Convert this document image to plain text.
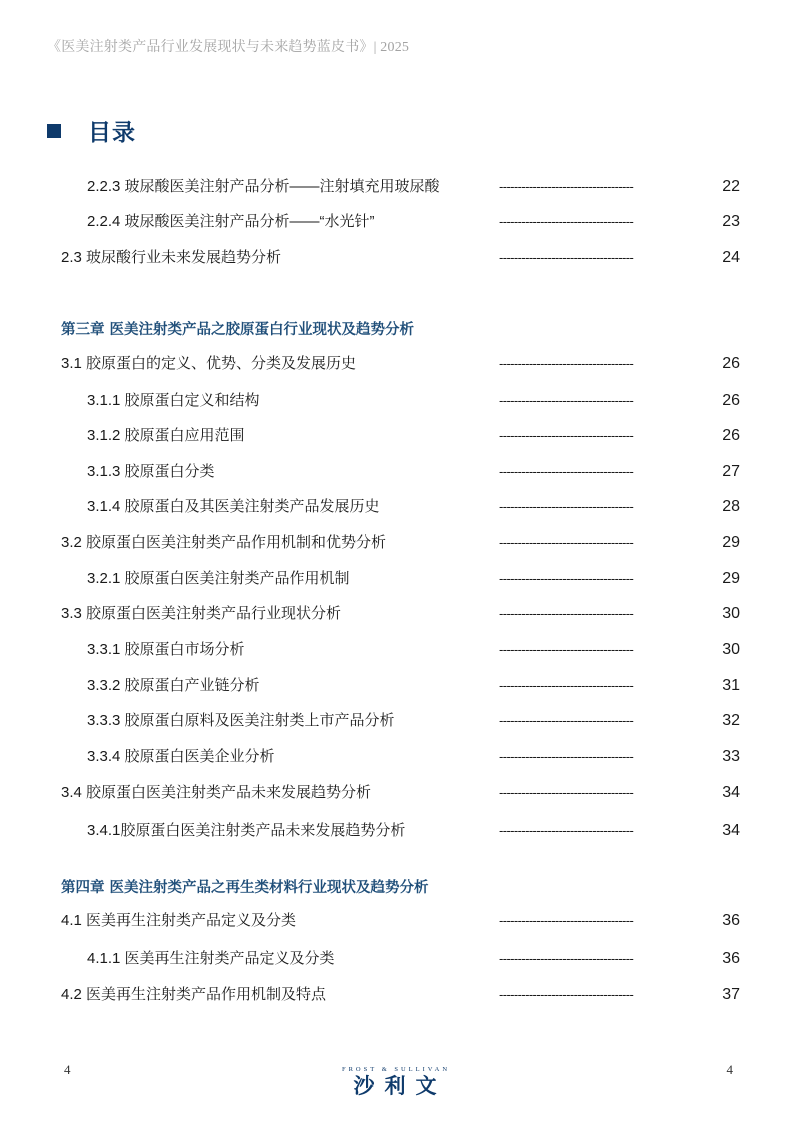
《医美注射类产品行业发展现状与未来趋势蓝皮书》| 2025
目录
2.2.3 玻尿酸医美注射产品分析——注射填充用玻尿酸	------------------------------------	22
2.2.4 玻尿酸医美注射产品分析——“水光针”	------------------------------------	23
2.3 玻尿酸行业未来发展趋势分析	------------------------------------	24
第三章 医美注射类产品之胶原蛋白行业现状及趋势分析
3.1 胶原蛋白的定义、优势、分类及发展历史	------------------------------------	26
3.1.1 胶原蛋白定义和结构	------------------------------------	26
3.1.2 胶原蛋白应用范围	------------------------------------	26
3.1.3 胶原蛋白分类	------------------------------------	27
3.1.4 胶原蛋白及其医美注射类产品发展历史	------------------------------------	28
3.2 胶原蛋白医美注射类产品作用机制和优势分析	------------------------------------	29
3.2.1 胶原蛋白医美注射类产品作用机制	------------------------------------	29
3.3 胶原蛋白医美注射类产品行业现状分析	------------------------------------	30
3.3.1 胶原蛋白市场分析	------------------------------------	30
3.3.2 胶原蛋白产业链分析	------------------------------------	31
3.3.3 胶原蛋白原料及医美注射类上市产品分析	------------------------------------	32
3.3.4 胶原蛋白医美企业分析	------------------------------------	33
3.4 胶原蛋白医美注射类产品未来发展趋势分析	------------------------------------	34
3.4.1胶原蛋白医美注射类产品未来发展趋势分析	------------------------------------	34
第四章 医美注射类产品之再生类材料行业现状及趋势分析
4.1 医美再生注射类产品定义及分类	------------------------------------	36
4.1.1 医美再生注射类产品定义及分类	------------------------------------	36
4.2 医美再生注射类产品作用机制及特点	------------------------------------	37
4	FROST & SULLIVAN
沙利文
4
